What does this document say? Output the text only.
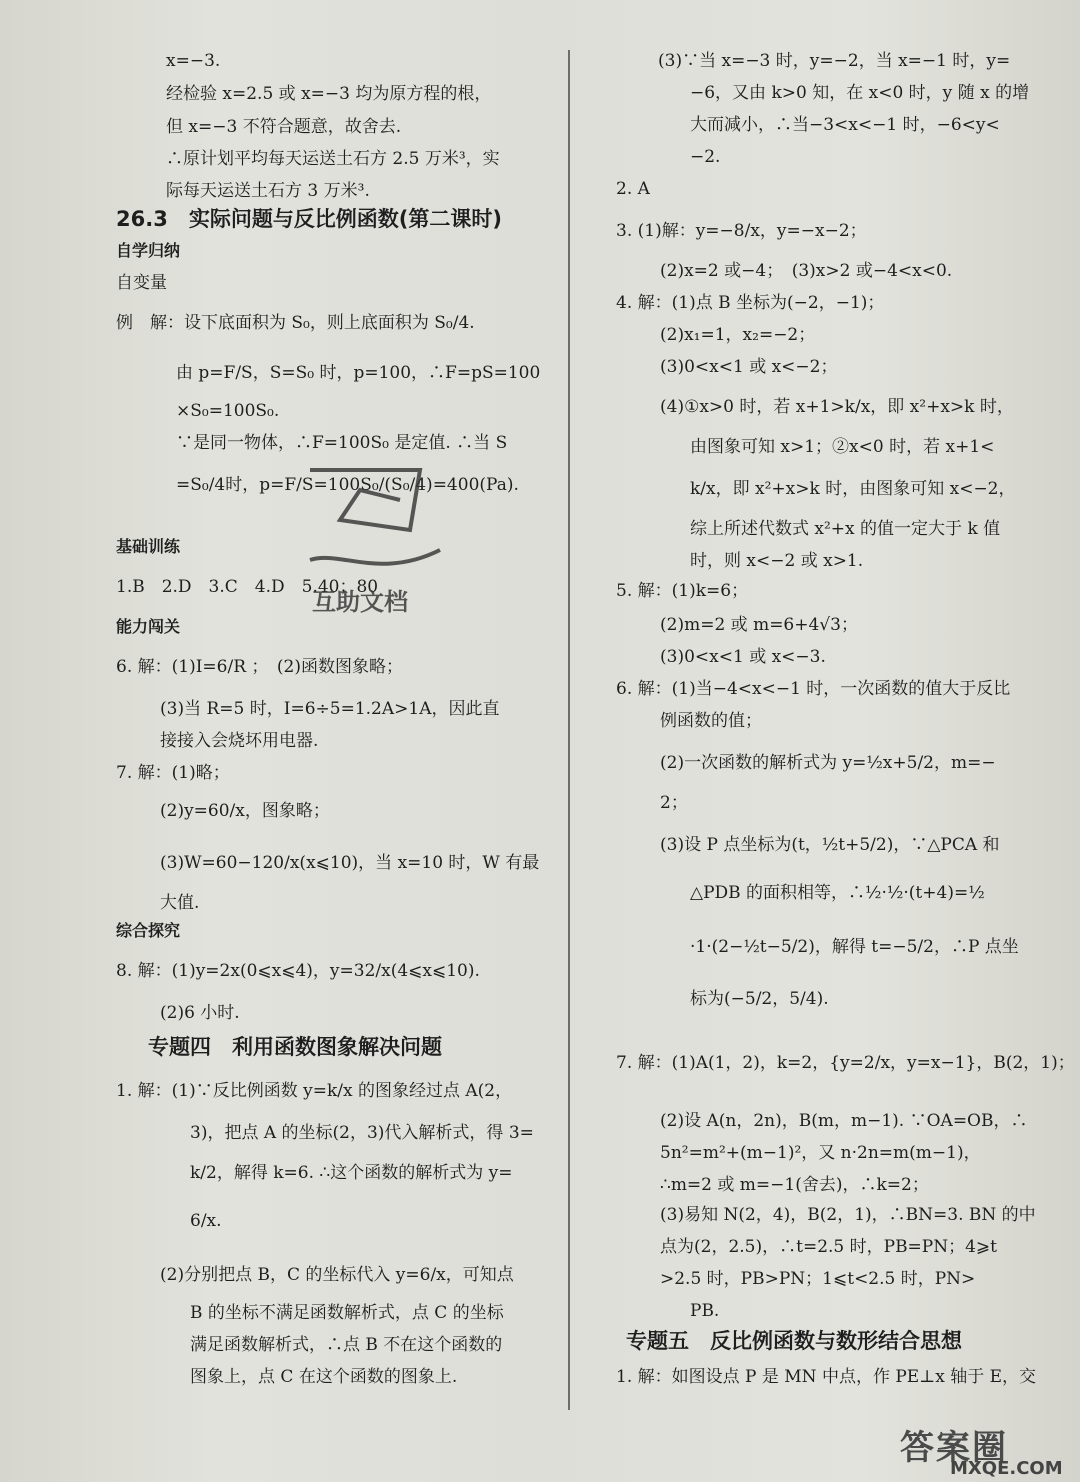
x=−3.
经检验 x=2.5 或 x=−3 均为原方程的根，
但 x=−3 不符合题意，故舍去.
∴原计划平均每天运送土石方 2.5 万米³，实
际每天运送土石方 3 万米³.
26.3　实际问题与反比例函数(第二课时)
自学归纳
自变量
例　解：设下底面积为 S₀，则上底面积为 S₀/4.
由 p=F/S，S=S₀ 时，p=100，∴F=pS=100
×S₀=100S₀.
∵是同一物体，∴F=100S₀ 是定值. ∴当 S
=S₀/4时，p=F/S=100S₀/(S₀/4)=400(Pa).
基础训练
1.B　2.D　3.C　4.D　5.40；80
能力闯关
6. 解：(1)I=6/R ；　(2)函数图象略；
(3)当 R=5 时，I=6÷5=1.2A>1A，因此直
接接入会烧坏用电器.
7. 解：(1)略；
(2)y=60/x，图象略；
(3)W=60−120/x(x⩽10)，当 x=10 时，W 有最
大值.
综合探究
8. 解：(1)y=2x(0⩽x⩽4)，y=32/x(4⩽x⩽10).
(2)6 小时.
专题四　利用函数图象解决问题
1. 解：(1)∵反比例函数 y=k/x 的图象经过点 A(2，
3)，把点 A 的坐标(2，3)代入解析式，得 3=
k/2，解得 k=6. ∴这个函数的解析式为 y=
6/x.
(2)分别把点 B，C 的坐标代入 y=6/x，可知点
B 的坐标不满足函数解析式，点 C 的坐标
满足函数解析式，∴点 B 不在这个函数的
图象上，点 C 在这个函数的图象上.
(3)∵当 x=−3 时，y=−2，当 x=−1 时，y=
−6，又由 k>0 知，在 x<0 时，y 随 x 的增
大而减小，∴当−3<x<−1 时，−6<y<
−2.
2. A
3. (1)解：y=−8/x，y=−x−2；
(2)x=2 或−4；　(3)x>2 或−4<x<0.
4. 解：(1)点 B 坐标为(−2，−1)；
(2)x₁=1，x₂=−2；
(3)0<x<1 或 x<−2；
(4)①x>0 时，若 x+1>k/x，即 x²+x>k 时，
由图象可知 x>1；②x<0 时，若 x+1<
k/x，即 x²+x>k 时，由图象可知 x<−2，
综上所述代数式 x²+x 的值一定大于 k 值
时，则 x<−2 或 x>1.
5. 解：(1)k=6；
(2)m=2 或 m=6+4√3；
(3)0<x<1 或 x<−3.
6. 解：(1)当−4<x<−1 时，一次函数的值大于反比
例函数的值；
(2)一次函数的解析式为 y=½x+5/2，m=−
2；
(3)设 P 点坐标为(t，½t+5/2)，∵△PCA 和
△PDB 的面积相等，∴½·½·(t+4)=½
·1·(2−½t−5/2)，解得 t=−5/2，∴P 点坐
标为(−5/2，5/4).
7. 解：(1)A(1，2)，k=2，{y=2/x，y=x−1}，B(2，1)；
(2)设 A(n，2n)，B(m，m−1). ∵OA=OB，∴
5n²=m²+(m−1)²，又 n·2n=m(m−1)，
∴m=2 或 m=−1(舍去)，∴k=2；
(3)易知 N(2，4)，B(2，1)，∴BN=3. BN 的中
点为(2，2.5)，∴t=2.5 时，PB=PN；4⩾t
>2.5 时，PB>PN；1⩽t<2.5 时，PN>
PB.
专题五　反比例函数与数形结合思想
1. 解：如图设点 P 是 MN 中点，作 PE⊥x 轴于 E，交
互助文档
答案圈
MXQE.COM
